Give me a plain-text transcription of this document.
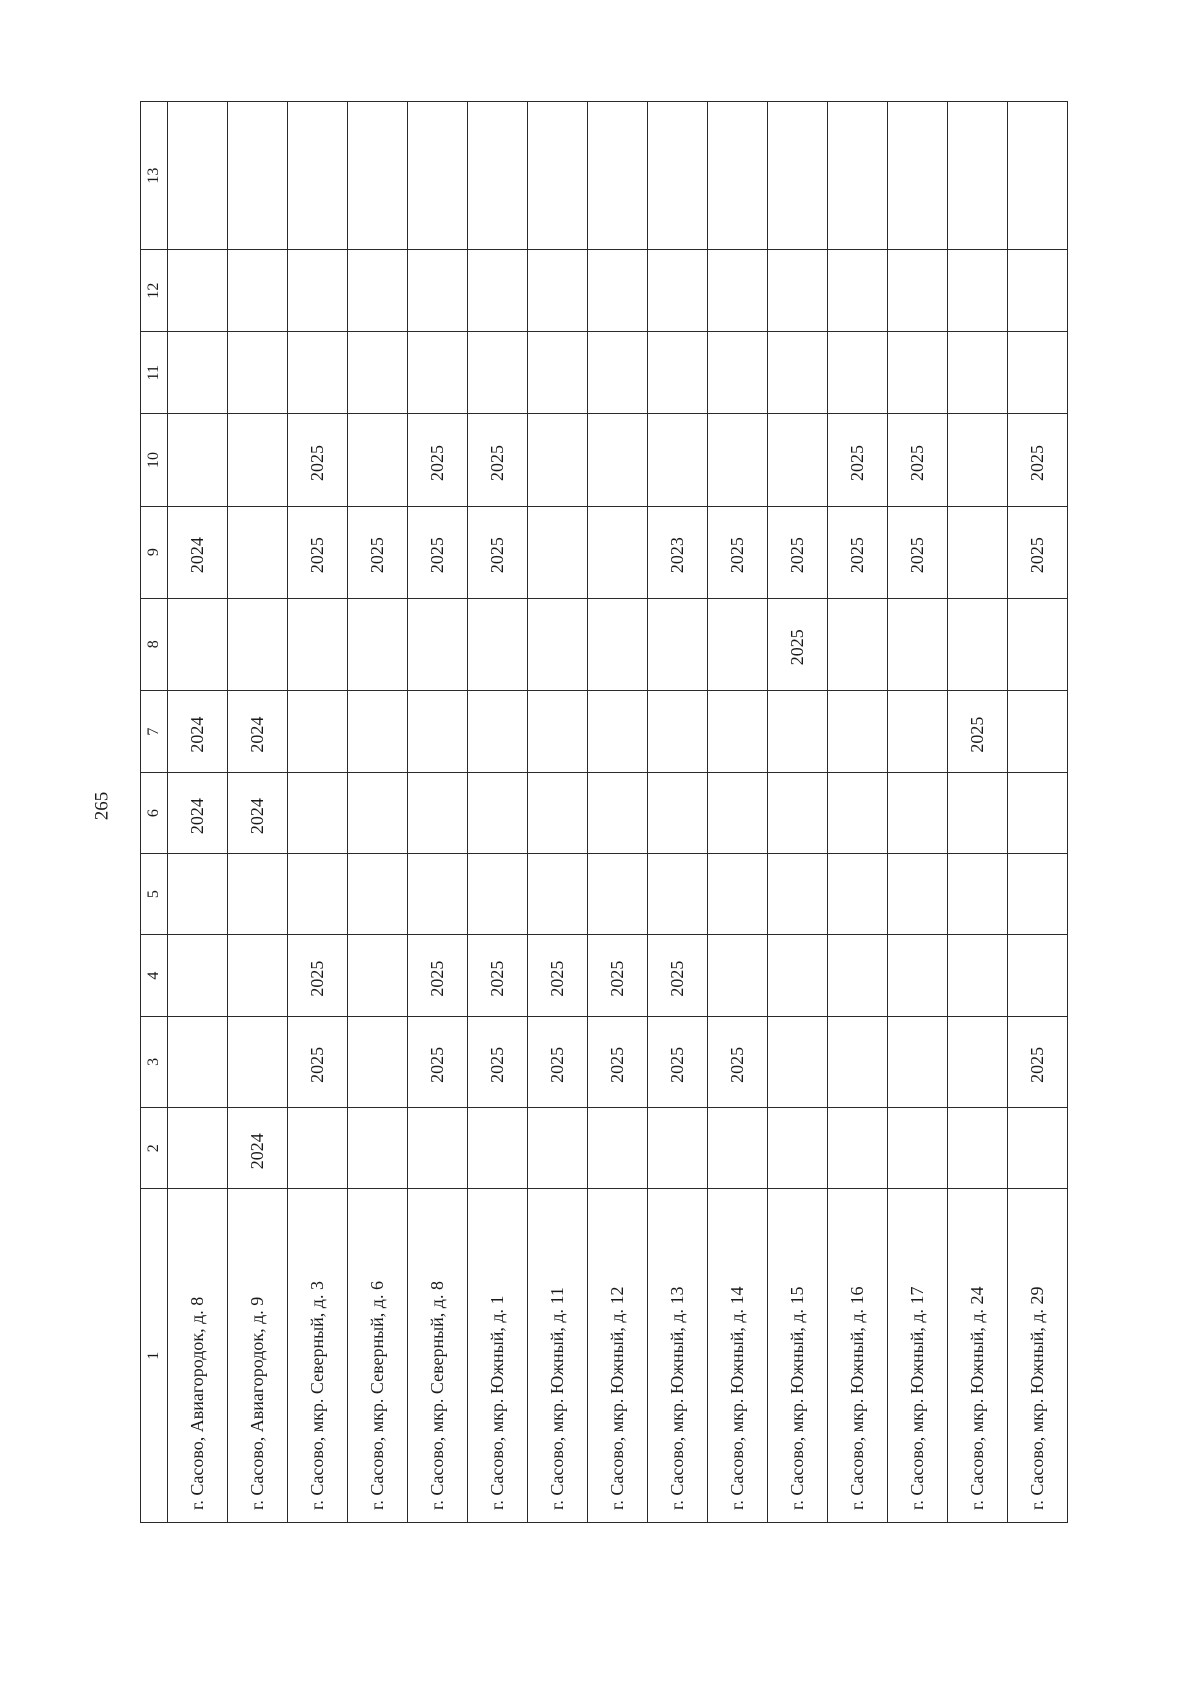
265
1	2	3	4	5	6	7	8	9	10	11	12	13
г. Сасово, Авиагородок, д. 8					2024	2024		2024				
г. Сасово, Авиагородок, д. 9	2024				2024	2024						
г. Сасово, мкр. Северный, д. 3		2025	2025					2025	2025			
г. Сасово, мкр. Северный, д. 6								2025				
г. Сасово, мкр. Северный, д. 8		2025	2025					2025	2025			
г. Сасово, мкр. Южный, д. 1		2025	2025					2025	2025			
г. Сасово, мкр. Южный, д. 11		2025	2025									
г. Сасово, мкр. Южный, д. 12		2025	2025									
г. Сасово, мкр. Южный, д. 13		2025	2025					2023				
г. Сасово, мкр. Южный, д. 14		2025						2025				
г. Сасово, мкр. Южный, д. 15							2025	2025				
г. Сасово, мкр. Южный, д. 16								2025	2025			
г. Сасово, мкр. Южный, д. 17								2025	2025			
г. Сасово, мкр. Южный, д. 24						2025						
г. Сасово, мкр. Южный, д. 29		2025						2025	2025			
